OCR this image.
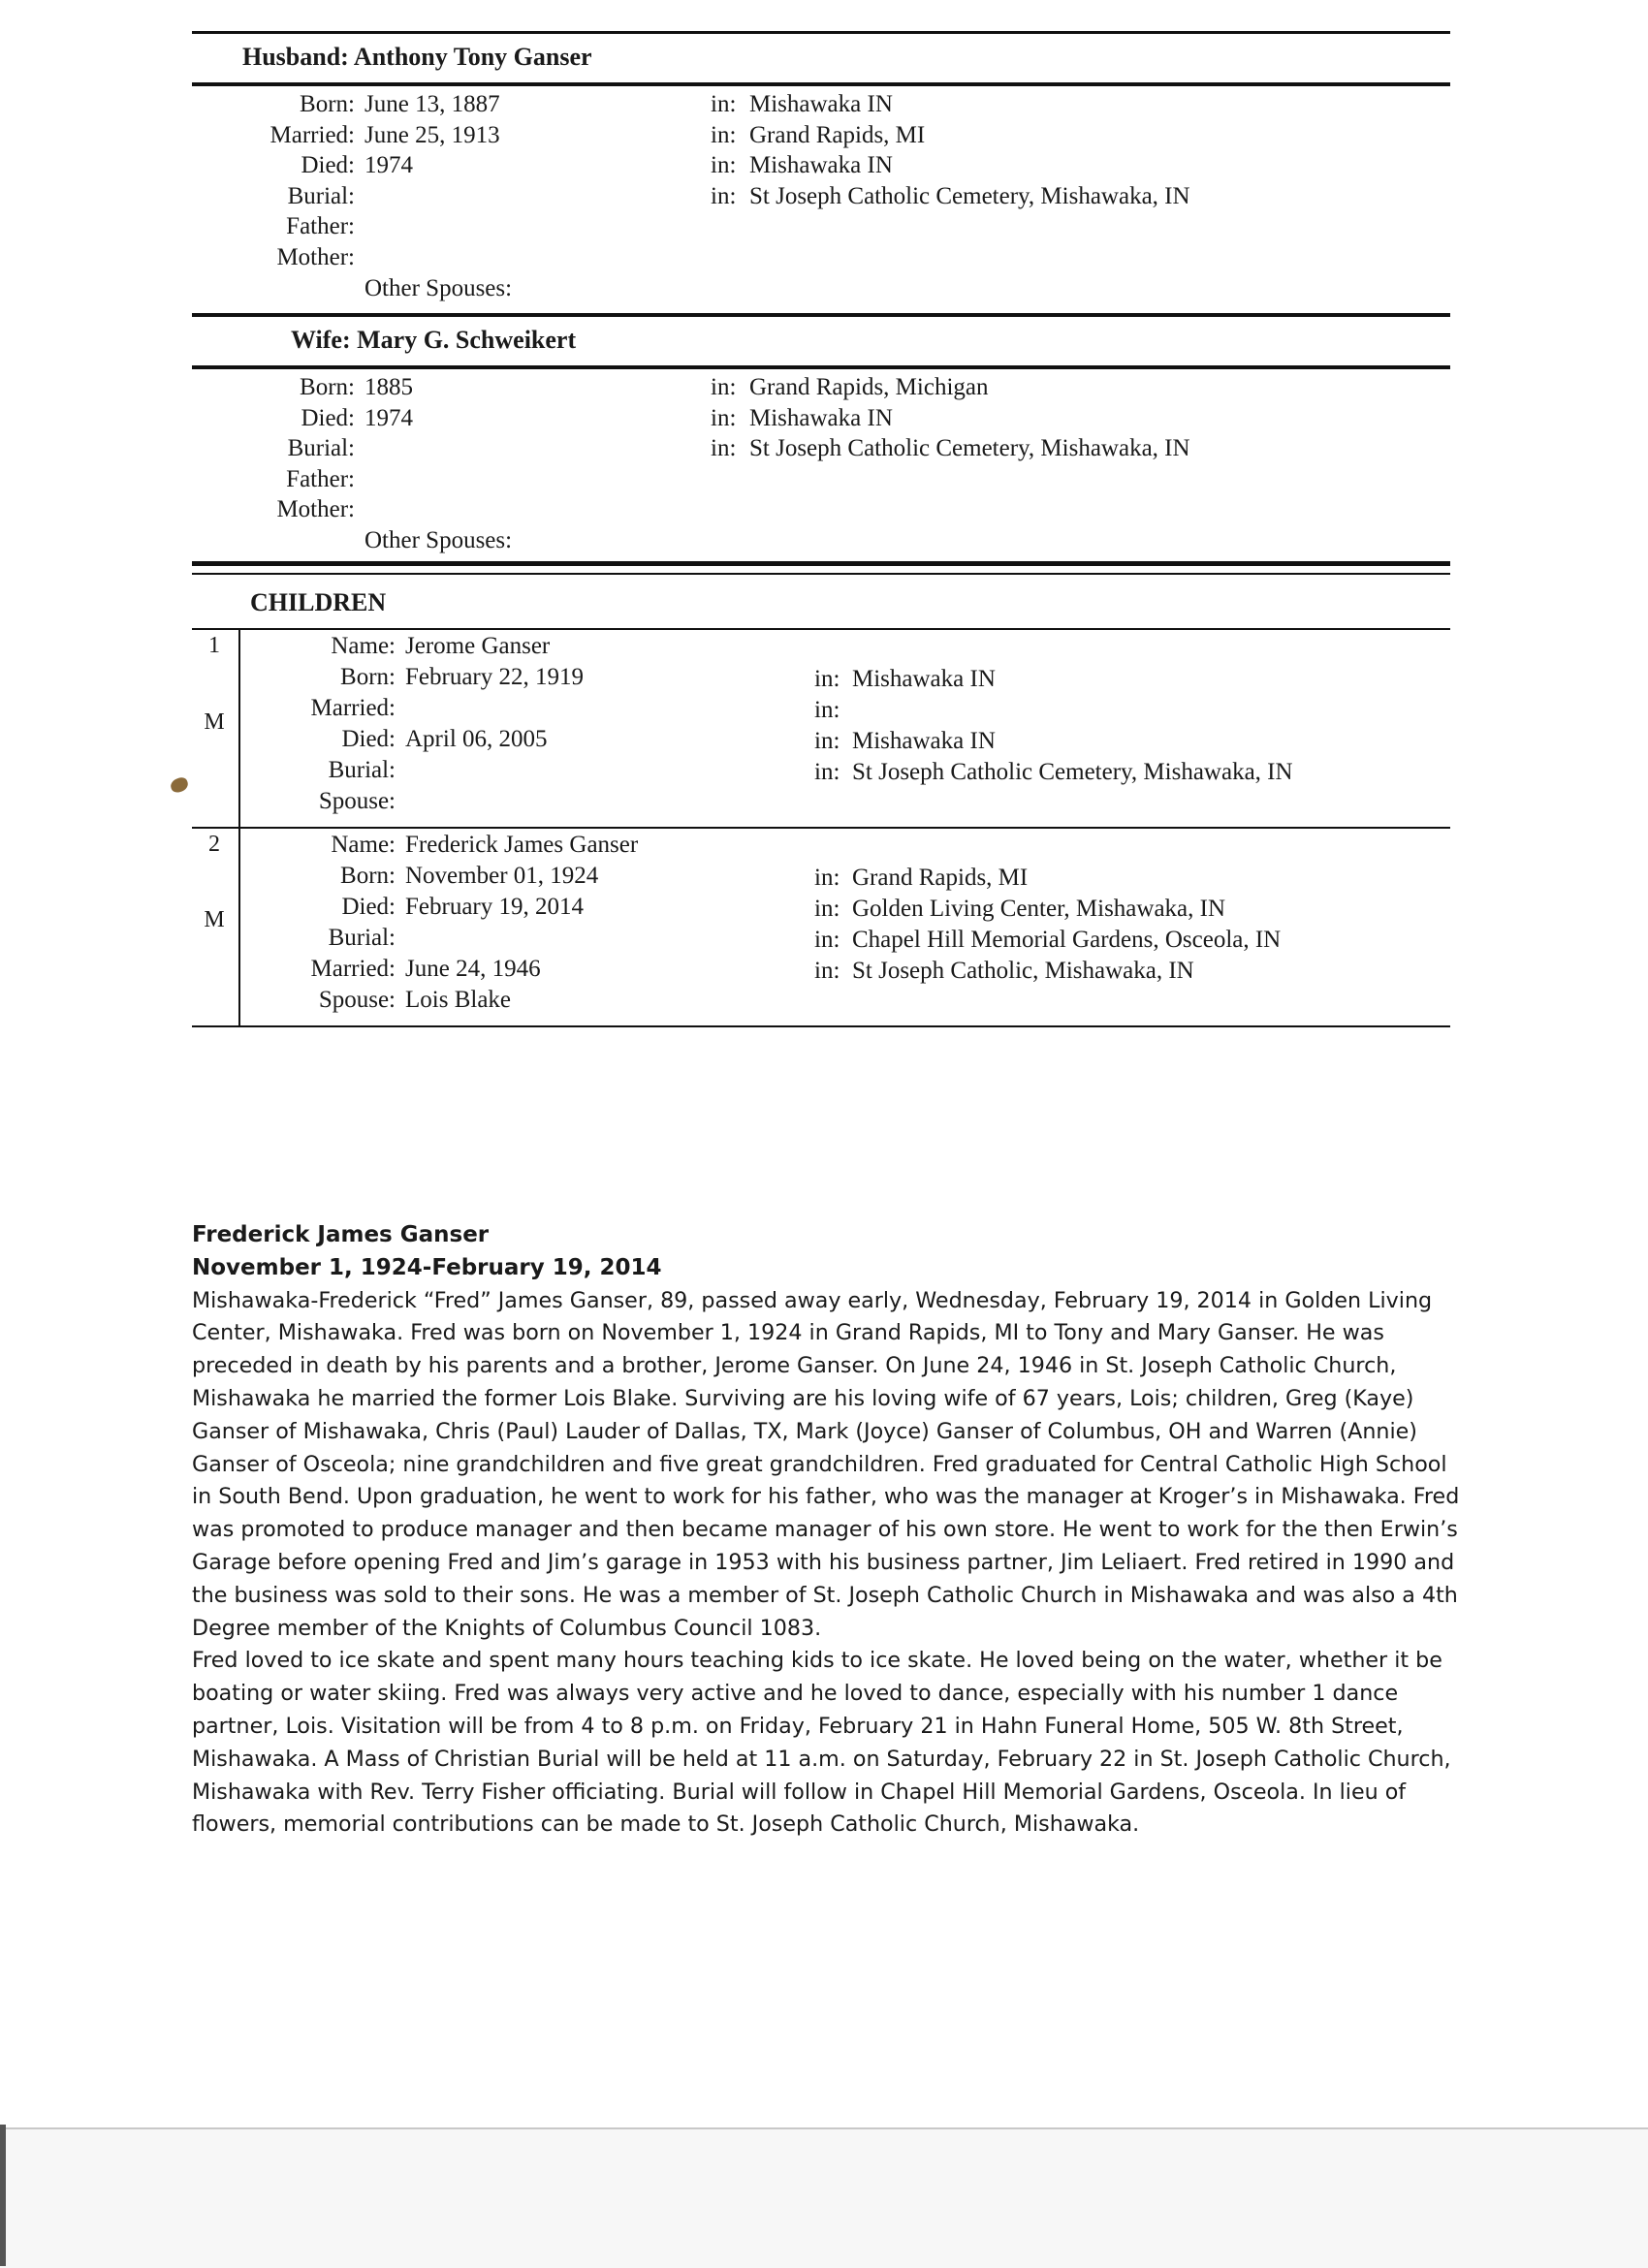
Husband: Anthony Tony Ganser
Born: June 13, 1887	in: Mishawaka IN
Married: June 25, 1913	in: Grand Rapids, MI
Died: 1974	in: Mishawaka IN
Burial:	in: St Joseph Catholic Cemetery, Mishawaka, IN
Father:
Mother:
Other Spouses:
Wife: Mary G. Schweikert
Born: 1885	in: Grand Rapids, Michigan
Died: 1974	in: Mishawaka IN
Burial:	in: St Joseph Catholic Cemetery, Mishawaka, IN
Father:
Mother:
Other Spouses:
CHILDREN
1
M
Name: Jerome Ganser
Born: February 22, 1919	in: Mishawaka IN
Married:	in:
Died: April 06, 2005	in: Mishawaka IN
Burial:	in: St Joseph Catholic Cemetery, Mishawaka, IN
Spouse:
2
M
Name: Frederick James Ganser
Born: November 01, 1924	in: Grand Rapids, MI
Died: February 19, 2014	in: Golden Living Center, Mishawaka, IN
Burial:	in: Chapel Hill Memorial Gardens, Osceola, IN
Married: June 24, 1946	in: St Joseph Catholic, Mishawaka, IN
Spouse: Lois Blake
Frederick James Ganser
November 1, 1924-February 19, 2014

Mishawaka-Frederick “Fred” James Ganser, 89, passed away early, Wednesday, February 19, 2014 in Golden Living Center, Mishawaka. Fred was born on November 1, 1924 in Grand Rapids, MI to Tony and Mary Ganser. He was preceded in death by his parents and a brother, Jerome Ganser. On June 24, 1946 in St. Joseph Catholic Church, Mishawaka he married the former Lois Blake. Surviving are his loving wife of 67 years, Lois; children, Greg (Kaye) Ganser of Mishawaka, Chris (Paul) Lauder of Dallas, TX, Mark (Joyce) Ganser of Columbus, OH and Warren (Annie) Ganser of Osceola; nine grandchildren and five great grandchildren. Fred graduated for Central Catholic High School in South Bend. Upon graduation, he went to work for his father, who was the manager at Kroger’s in Mishawaka. Fred was promoted to produce manager and then became manager of his own store. He went to work for the then Erwin’s Garage before opening Fred and Jim’s garage in 1953 with his business partner, Jim Leliaert. Fred retired in 1990 and the business was sold to their sons. He was a member of St. Joseph Catholic Church in Mishawaka and was also a 4th Degree member of the Knights of Columbus Council 1083.

Fred loved to ice skate and spent many hours teaching kids to ice skate. He loved being on the water, whether it be boating or water skiing. Fred was always very active and he loved to dance, especially with his number 1 dance partner, Lois. Visitation will be from 4 to 8 p.m. on Friday, February 21 in Hahn Funeral Home, 505 W. 8th Street, Mishawaka. A Mass of Christian Burial will be held at 11 a.m. on Saturday, February 22 in St. Joseph Catholic Church, Mishawaka with Rev. Terry Fisher officiating. Burial will follow in Chapel Hill Memorial Gardens, Osceola. In lieu of flowers, memorial contributions can be made to St. Joseph Catholic Church, Mishawaka.
